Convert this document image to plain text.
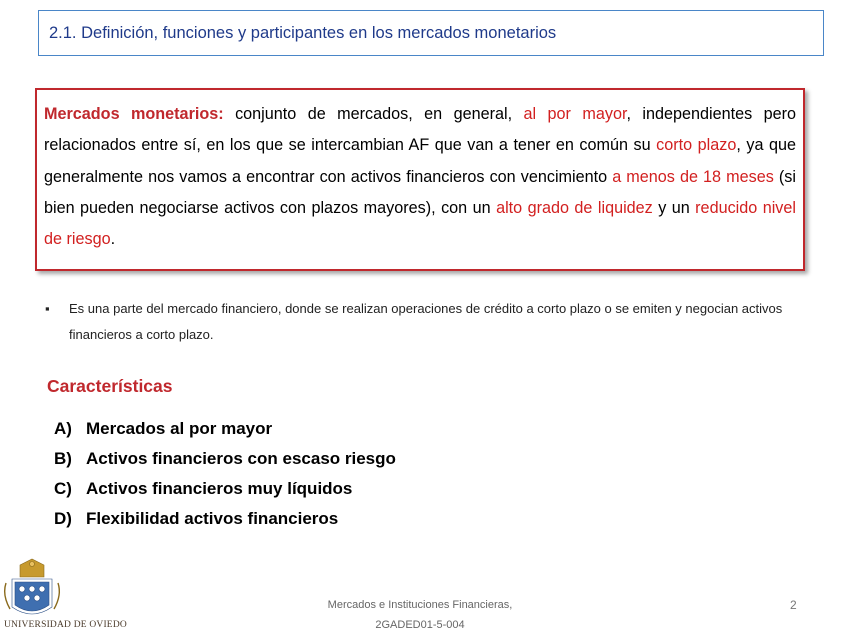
2.1. Definición, funciones y participantes en los mercados monetarios
Mercados monetarios: conjunto de mercados, en general, al por mayor, independientes pero relacionados entre sí, en los que se intercambian AF que van a tener en común su corto plazo, ya que generalmente nos vamos a encontrar con activos financieros con vencimiento a menos de 18 meses (si bien pueden negociarse activos con plazos mayores), con un alto grado de liquidez y un reducido nivel de riesgo.
▪ Es una parte del mercado financiero, donde se realizan operaciones de crédito a corto plazo o se emiten y negocian activos financieros a corto plazo.
Características
A) Mercados al por mayor
B) Activos financieros con escaso riesgo
C) Activos financieros muy líquidos
D) Flexibilidad activos financieros
UNIVERSIDAD DE OVIEDO
Mercados e Instituciones Financieras,
2GADED01-5-004
2
